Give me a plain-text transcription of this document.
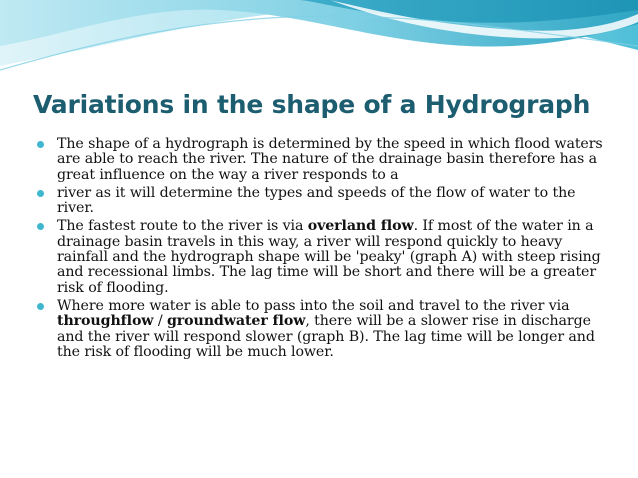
Variations in the shape of a Hydrograph
The shape of a hydrograph is determined by the speed in which flood waters are able to reach the river. The nature of the drainage basin therefore has a great influence on the way a river responds to a
river as it will determine the types and speeds of the flow of water to the river.
The fastest route to the river is via overland flow. If most of the water in a drainage basin travels in this way, a river will respond quickly to heavy rainfall and the hydrograph shape will be 'peaky' (graph A) with steep rising and recessional limbs. The lag time will be short and there will be a greater risk of flooding.
Where more water is able to pass into the soil and travel to the river via throughflow / groundwater flow, there will be a slower rise in discharge and the river will respond slower (graph B). The lag time will be longer and the risk of flooding will be much lower.
